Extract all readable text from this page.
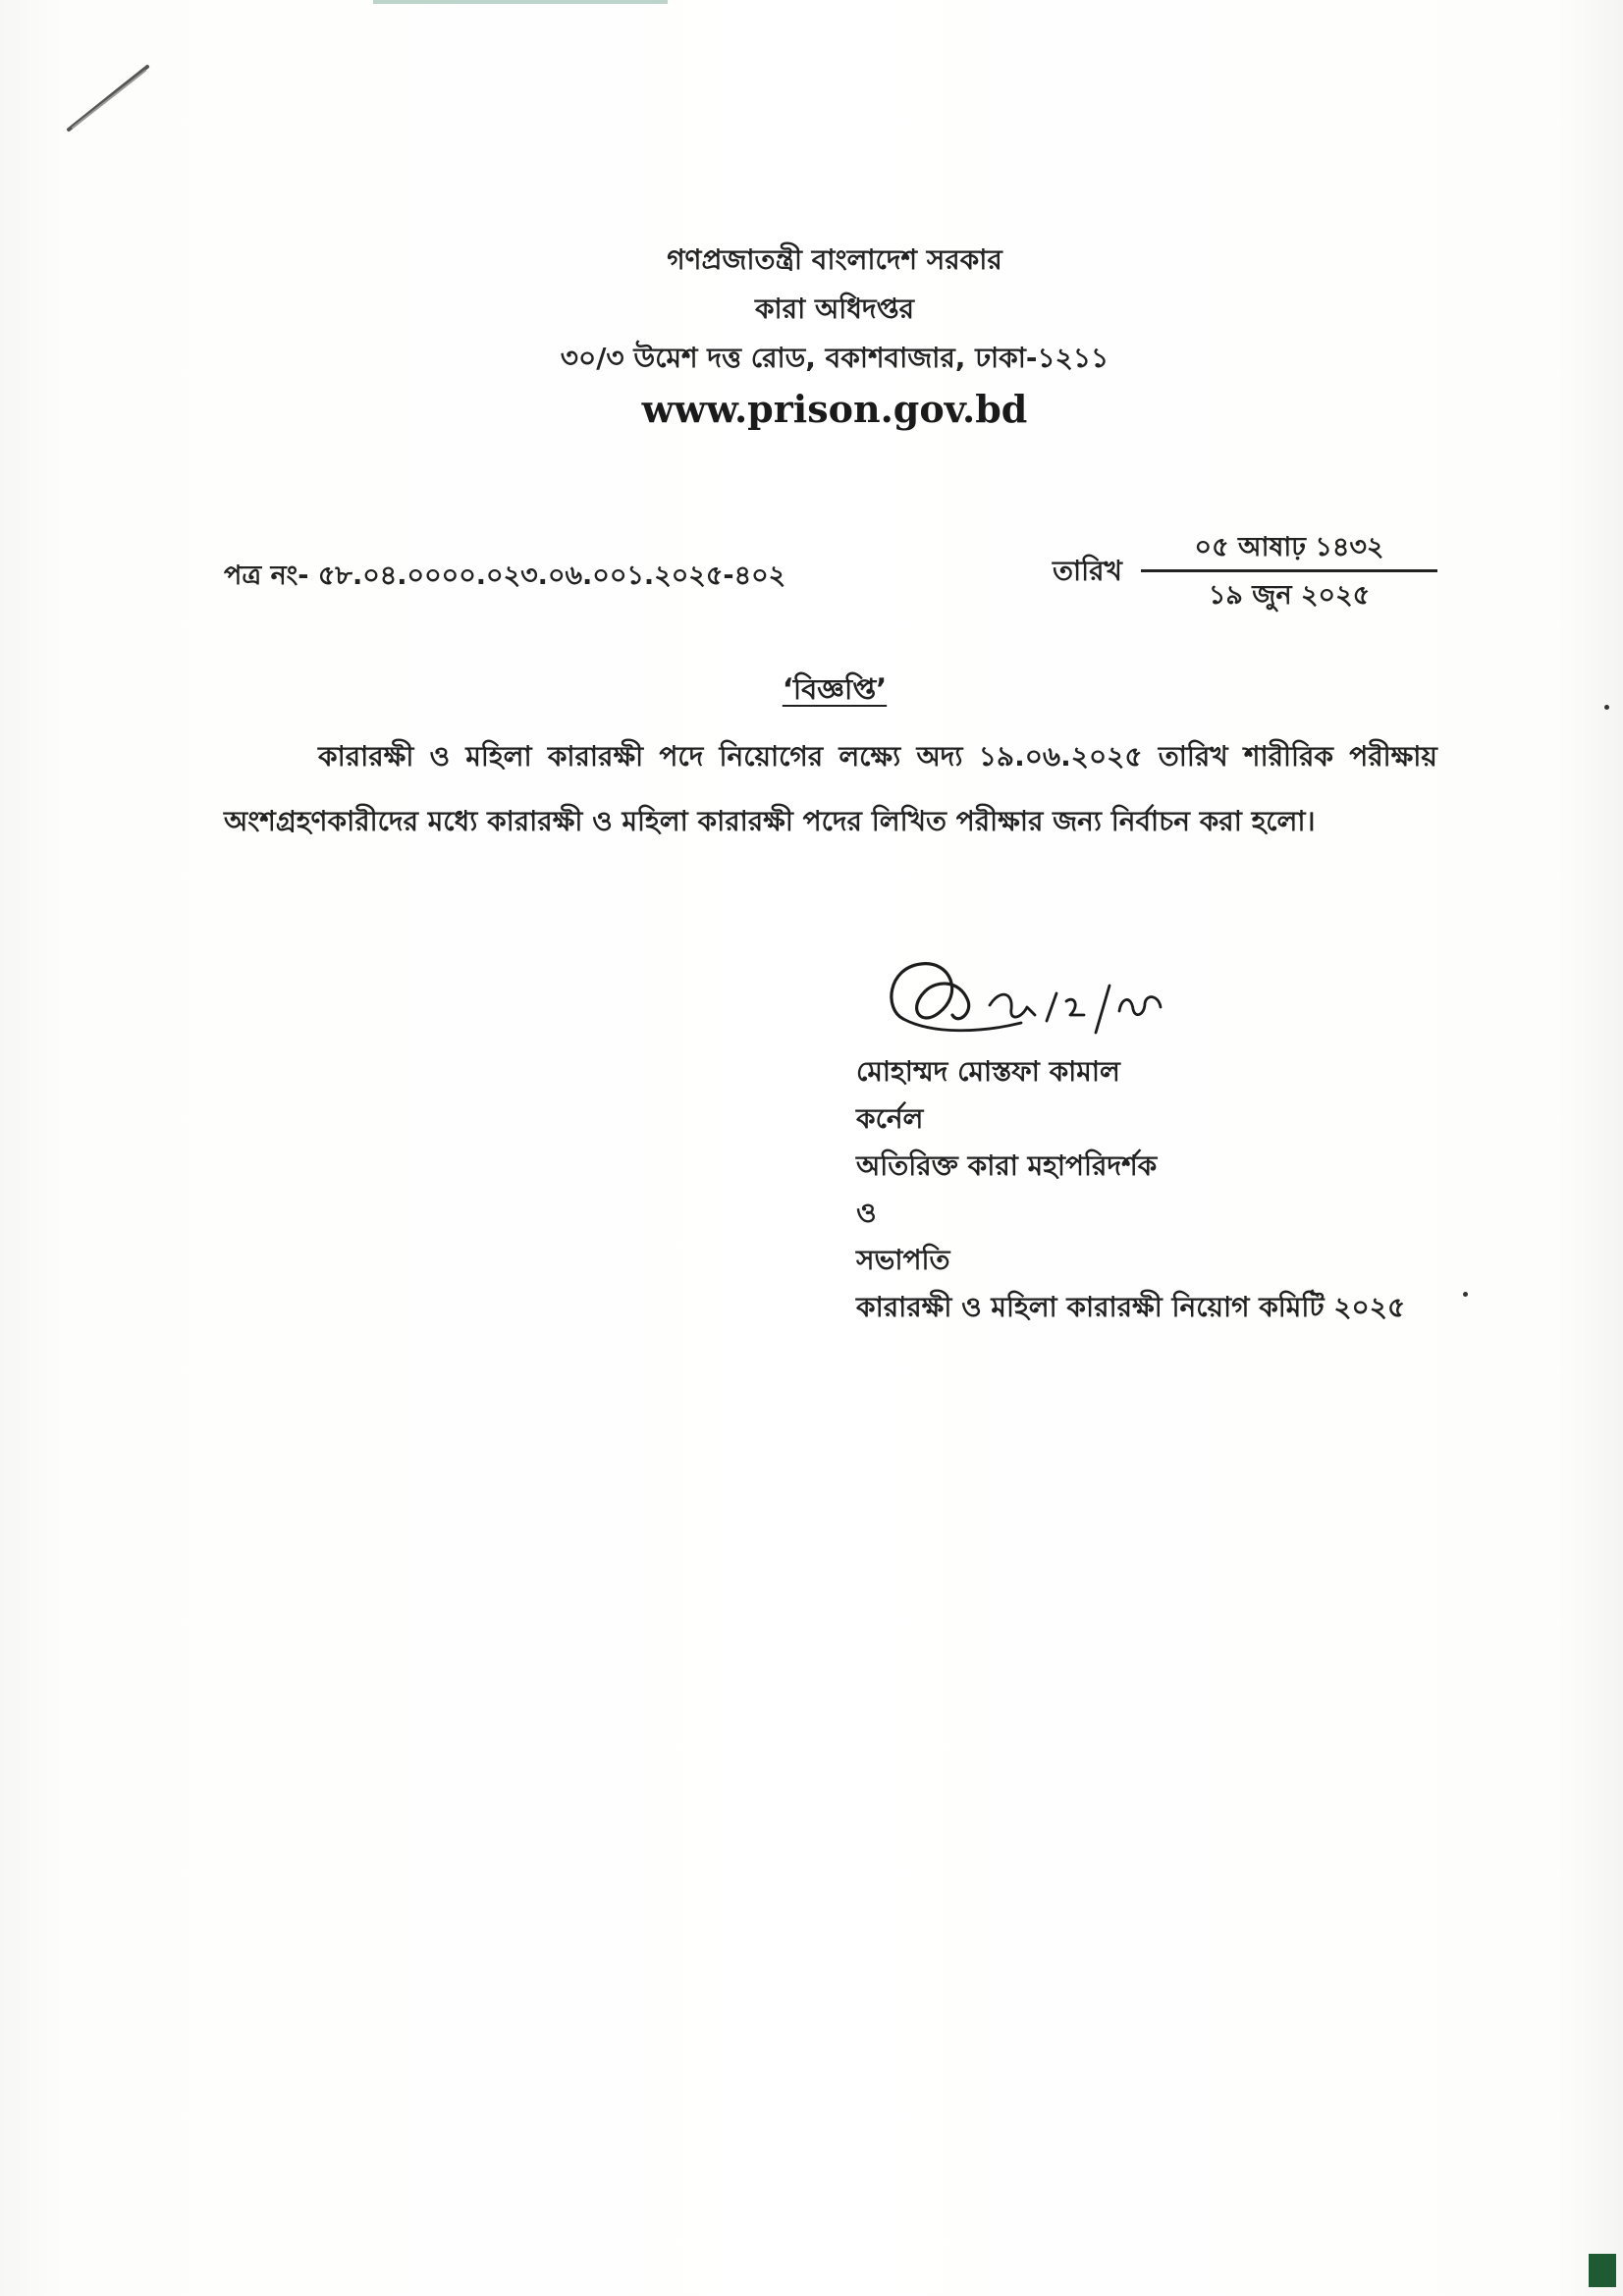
গণপ্রজাতন্ত্রী বাংলাদেশ সরকার
কারা অধিদপ্তর
৩০/৩ উমেশ দত্ত রোড, বকাশবাজার, ঢাকা-১২১১
www.prison.gov.bd
পত্র নং- ৫৮.০৪.০০০০.০২৩.০৬.০০১.২০২৫-৪০২	তারিখ
০৫ আষাঢ় ১৪৩২
১৯ জুন ২০২৫
‘বিজ্ঞপ্তি’
কারারক্ষী ও মহিলা কারারক্ষী পদে নিয়োগের লক্ষ্যে অদ্য ১৯.০৬.২০২৫ তারিখ শারীরিক পরীক্ষায়
অংশগ্রহণকারীদের মধ্যে কারারক্ষী ও মহিলা কারারক্ষী পদের লিখিত পরীক্ষার জন্য নির্বাচন করা হলো।
মোহাম্মদ মোস্তফা কামাল
কর্নেল
অতিরিক্ত কারা মহাপরিদর্শক
ও
সভাপতি
কারারক্ষী ও মহিলা কারারক্ষী নিয়োগ কমিটি ২০২৫
